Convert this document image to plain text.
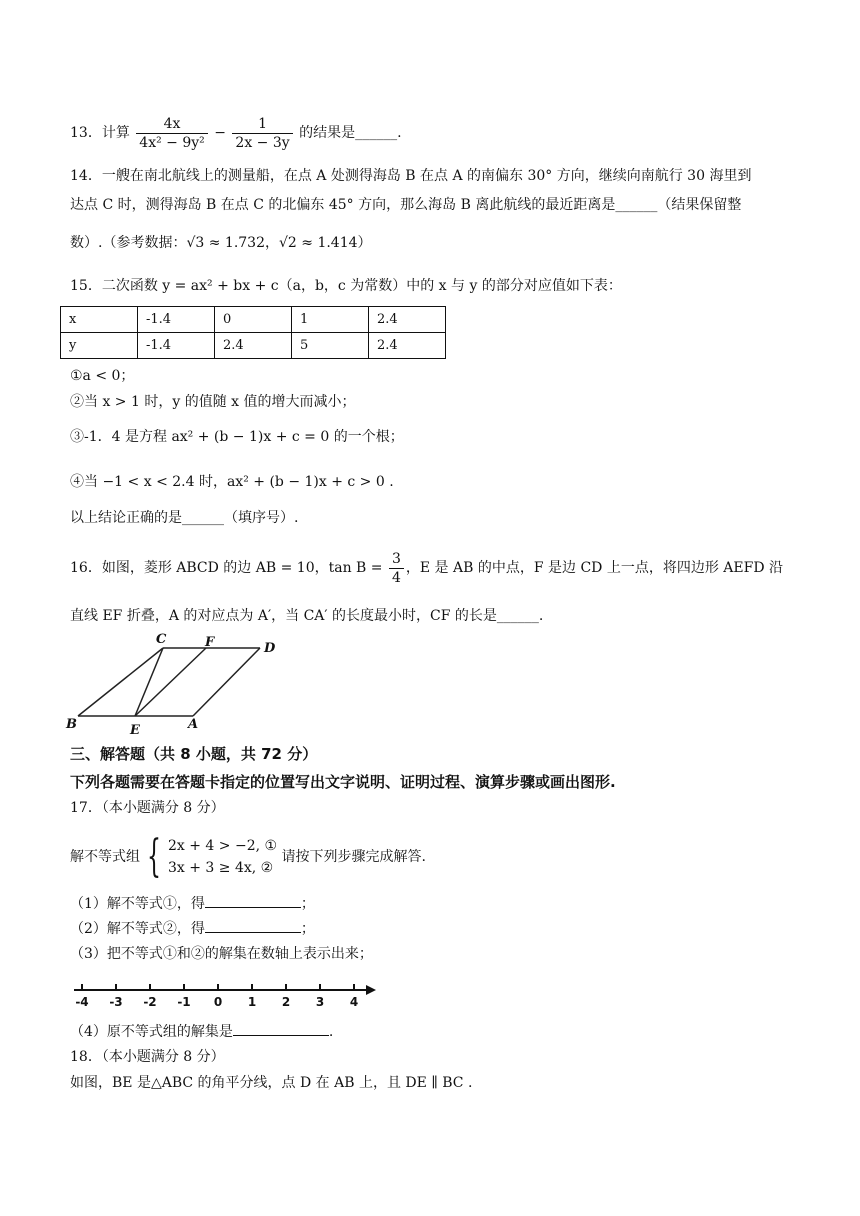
13．计算 $\frac{4x}{\text{4x² − 9y²}} - \frac{1}{2x - 3y}$ 的结果是______.
14．一艘在南北航线上的测量船，在点 A 处测得海岛 B 在点 A 的南偏东 30° 方向，继续向南航行 30 海里到
达点 C 时，测得海岛 B 在点 C 的北偏东 45° 方向，那么海岛 B 离此航线的最近距离是______（结果保留整
数）.（参考数据：√3 ≈ 1.732，√2 ≈ 1.414）
15．二次函数 y = ax² + bx + c（a，b，c 为常数）中的 x 与 y 的部分对应值如下表：
x	-1.4	0	1	2.4
y	-1.4	2.4	5	2.4
①a < 0；
②当 x > 1 时，y 的值随 x 值的增大而减小；
③-1．4 是方程 ax² + (b − 1)x + c = 0 的一个根；
④当 −1 < x < 2.4 时，ax² + (b − 1)x + c > 0 .
以上结论正确的是______（填序号）.
16．如图，菱形 ABCD 的边 AB = 10，$\tan B = \frac{3}{4}$ ，E 是 AB 的中点，F 是边 CD 上一点，将四边形 AEFD 沿
直线 EF 折叠，A 的对应点为 A′，当 CA′ 的长度最小时，CF 的长是______.
C	F	D
B	E	A
三、解答题（共 8 小题，共 72 分）
下列各题需要在答题卡指定的位置写出文字说明、证明过程、演算步骤或画出图形.
17．（本小题满分 8 分）
解不等式组 { 2x + 4 > −2, ①
3x + 3 ≥ 4x, ②
请按下列步骤完成解答.
（1）解不等式①，得	；
（2）解不等式②，得	；
（3）把不等式①和②的解集在数轴上表示出来；
-4 -3 -2 -1 0 1 2 3 4
（4）原不等式组的解集是	.
18．（本小题满分 8 分）
如图，BE 是△ABC 的角平分线，点 D 在 AB 上，且 DE ∥ BC .
